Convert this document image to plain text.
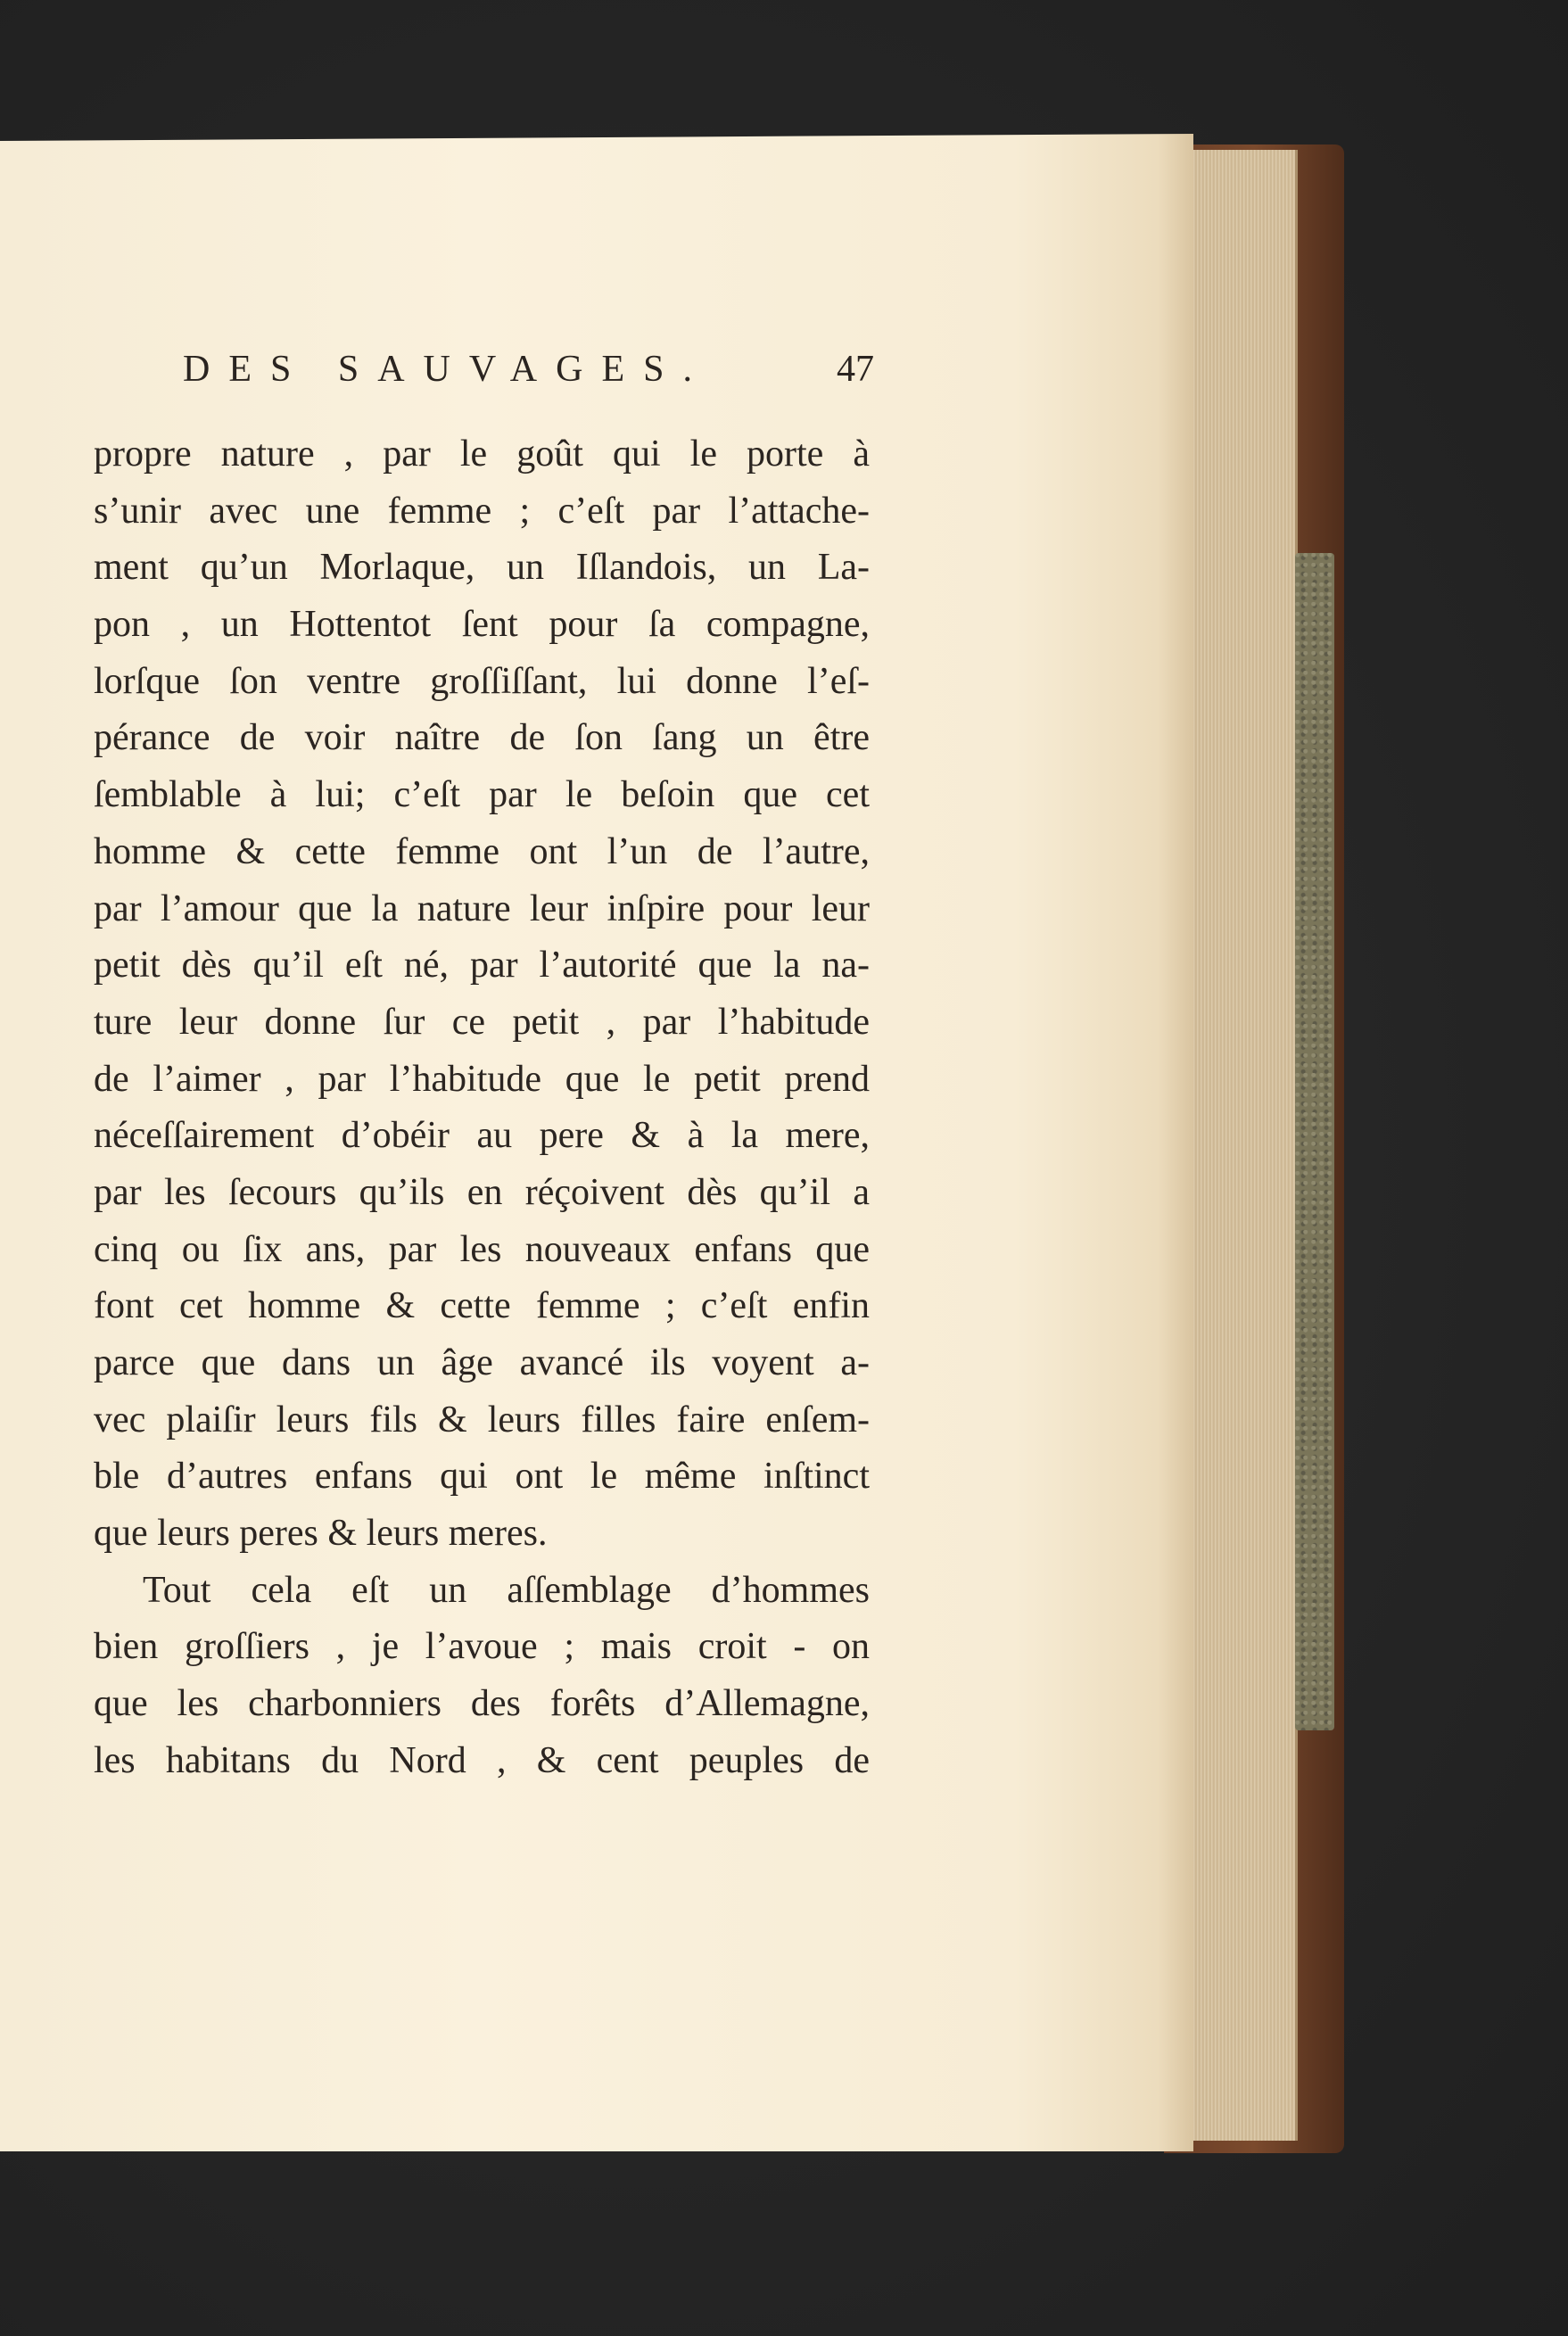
DES SAUVAGES.	47
propre nature , par le goût qui le porte à
s’unir avec une femme ; c’eſt par l’attache-
ment qu’un Morlaque, un Iſlandois, un La-
pon , un Hottentot ſent pour ſa compagne,
lorſque ſon ventre groſſiſſant, lui donne l’eſ-
pérance de voir naître de ſon ſang un être
ſemblable à lui; c’eſt par le beſoin que cet
homme & cette femme ont l’un de l’autre,
par l’amour que la nature leur inſpire pour leur
petit dès qu’il eſt né, par l’autorité que la na-
ture leur donne ſur ce petit , par l’habitude
de l’aimer , par l’habitude que le petit prend
néceſſairement d’obéir au pere & à la mere,
par les ſecours qu’ils en réçoivent dès qu’il a
cinq ou ſix ans, par les nouveaux enfans que
font cet homme & cette femme ; c’eſt enfin
parce que dans un âge avancé ils voyent a-
vec plaiſir leurs fils & leurs filles faire enſem-
ble d’autres enfans qui ont le même inſtinct
que leurs peres & leurs meres.
Tout cela eſt un aſſemblage d’hommes
bien groſſiers , je l’avoue ; mais croit - on
que les charbonniers des forêts d’Allemagne,
les habitans du Nord , & cent peuples de
